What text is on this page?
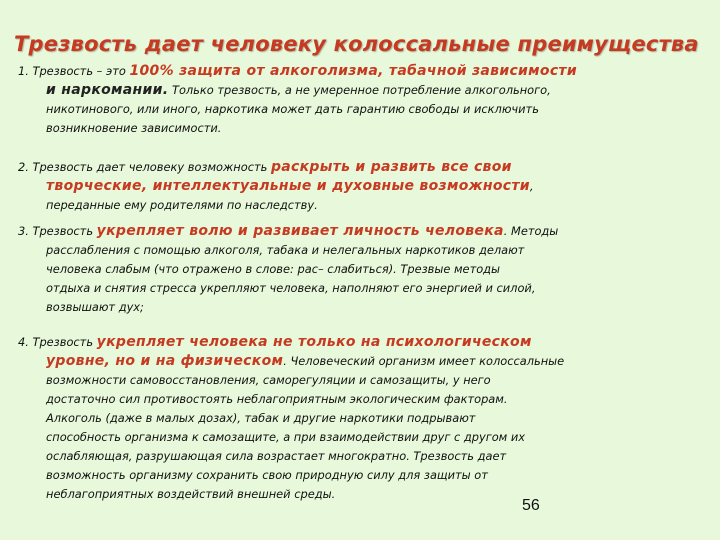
Трезвость дает человеку колоссальные преимущества
1. Трезвость – это 100% защита от алкоголизма, табачной зависимости
и наркомании. Только трезвость, а не умеренное потребление алкогольного,
никотинового, или иного, наркотика может дать гарантию свободы и исключить
возникновение зависимости.
2. Трезвость дает человеку возможность раскрыть и развить все свои
творческие, интеллектуальные и духовные возможности,
переданные ему родителями по наследству.
3. Трезвость укрепляет волю и развивает личность человека. Методы
расслабления с помощью алкоголя, табака и нелегальных наркотиков делают
человека слабым (что отражено в слове: рас– слабиться). Трезвые методы
отдыха и снятия стресса укрепляют человека, наполняют его энергией и силой,
возвышают дух;
4. Трезвость укрепляет человека не только на психологическом
уровне, но и на физическом. Человеческий организм имеет колоссальные
возможности самовосстановления, саморегуляции и самозащиты, у него
достаточно сил противостоять неблагоприятным экологическим факторам.
Алкоголь (даже в малых дозах), табак и другие наркотики подрывают
способность организма к самозащите, а при взаимодействии друг с другом их
ослабляющая, разрушающая сила возрастает многократно. Трезвость дает
возможность организму сохранить свою природную силу для защиты от
неблагоприятных воздействий внешней среды.
56
